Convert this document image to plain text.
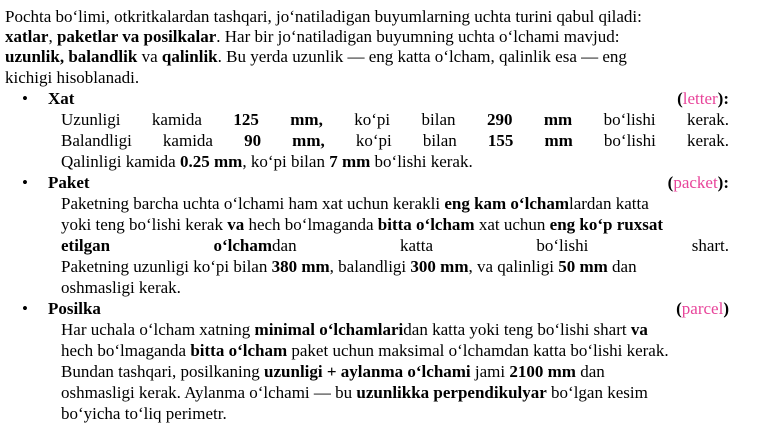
Pochta bo‘limi, otkritkalardan tashqari, jo‘natiladigan buyumlarning uchta turini qabul qiladi:
xatlar, paketlar va posilkalar. Har bir jo‘natiladigan buyumning uchta o‘lchami mavjud:
uzunlik, balandlik va qalinlik. Bu yerda uzunlik — eng katta o‘lcham, qalinlik esa — eng
kichigi hisoblanadi.
• Xat	(letter):
Uzunligi kamida 125 mm, ko‘pi bilan 290 mm bo‘lishi kerak.
Balandligi kamida 90 mm, ko‘pi bilan 155 mm bo‘lishi kerak.
Qalinligi kamida 0.25 mm, ko‘pi bilan 7 mm bo‘lishi kerak.
• Paket	(packet):
Paketning barcha uchta o‘lchami ham xat uchun kerakli eng kam o‘lchamlardan katta
yoki teng bo‘lishi kerak va hech bo‘lmaganda bitta o‘lcham xat uchun eng ko‘p ruxsat
etilgan	o‘lchamdan	katta	bo‘lishi	shart.
Paketning uzunligi ko‘pi bilan 380 mm, balandligi 300 mm, va qalinligi 50 mm dan
oshmasligi kerak.
• Posilka	(parcel)
Har uchala o‘lcham xatning minimal o‘lchamlaridan katta yoki teng bo‘lishi shart va
hech bo‘lmaganda bitta o‘lcham paket uchun maksimal o‘lchamdan katta bo‘lishi kerak.
Bundan tashqari, posilkaning uzunligi + aylanma o‘lchami jami 2100 mm dan
oshmasligi kerak. Aylanma o‘lchami — bu uzunlikka perpendikulyar bo‘lgan kesim
bo‘yicha to‘liq perimetr.
